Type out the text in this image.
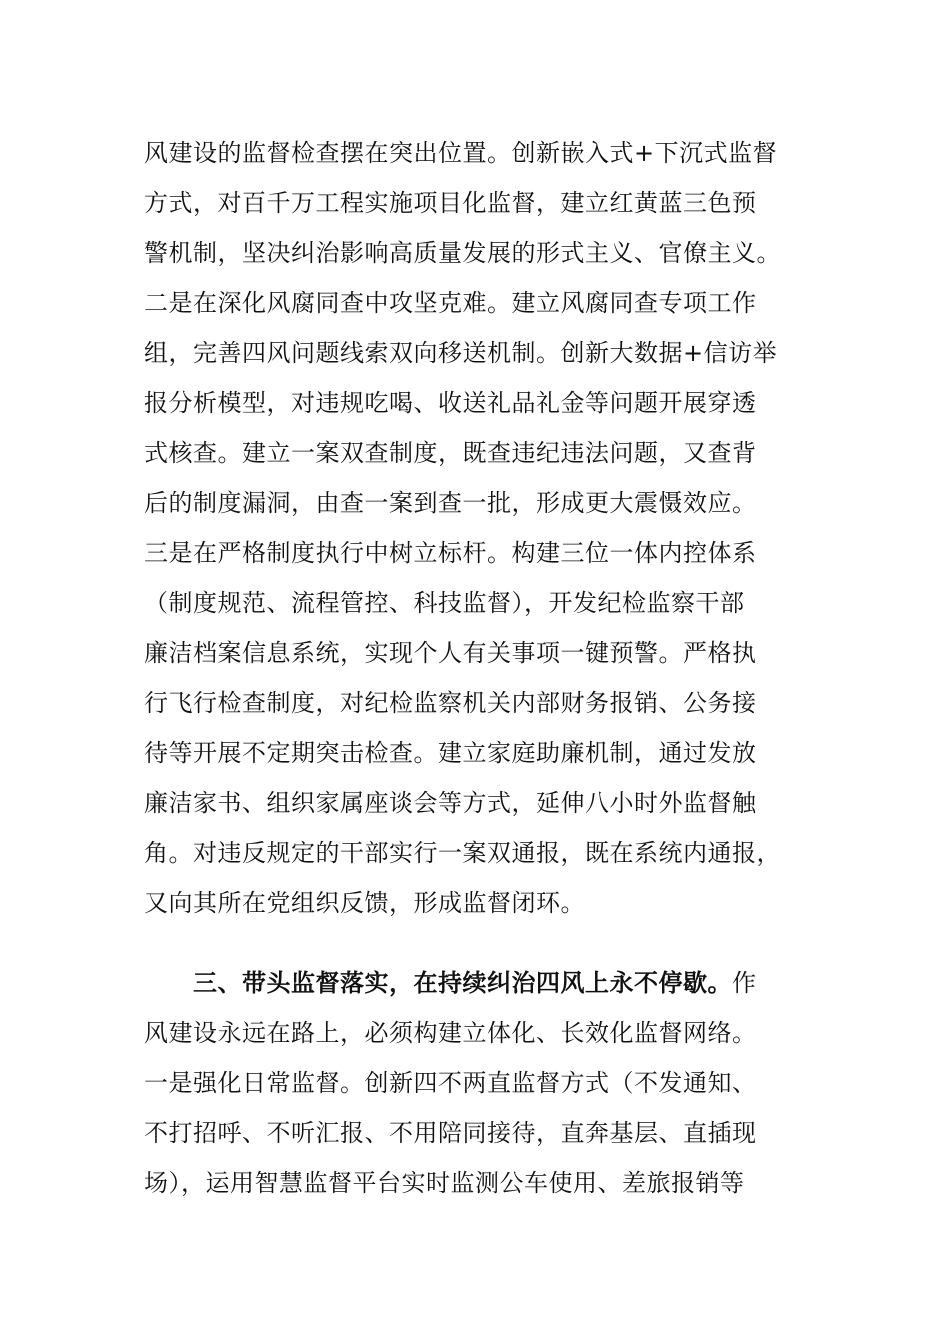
风建设的监督检查摆在突出位置。创新嵌入式+下沉式监督
方式，对百千万工程实施项目化监督，建立红黄蓝三色预
警机制，坚决纠治影响高质量发展的形式主义、官僚主义。
二是在深化风腐同查中攻坚克难。建立风腐同查专项工作
组，完善四风问题线索双向移送机制。创新大数据+信访举
报分析模型，对违规吃喝、收送礼品礼金等问题开展穿透
式核查。建立一案双查制度，既查违纪违法问题，又查背
后的制度漏洞，由查一案到查一批，形成更大震慑效应。
三是在严格制度执行中树立标杆。构建三位一体内控体系
（制度规范、流程管控、科技监督），开发纪检监察干部
廉洁档案信息系统，实现个人有关事项一键预警。严格执
行飞行检查制度，对纪检监察机关内部财务报销、公务接
待等开展不定期突击检查。建立家庭助廉机制，通过发放
廉洁家书、组织家属座谈会等方式，延伸八小时外监督触
角。对违反规定的干部实行一案双通报，既在系统内通报，
又向其所在党组织反馈，形成监督闭环。
三、带头监督落实，在持续纠治四风上永不停歇。作
风建设永远在路上，必须构建立体化、长效化监督网络。
一是强化日常监督。创新四不两直监督方式（不发通知、
不打招呼、不听汇报、不用陪同接待，直奔基层、直插现
场），运用智慧监督平台实时监测公车使用、差旅报销等
